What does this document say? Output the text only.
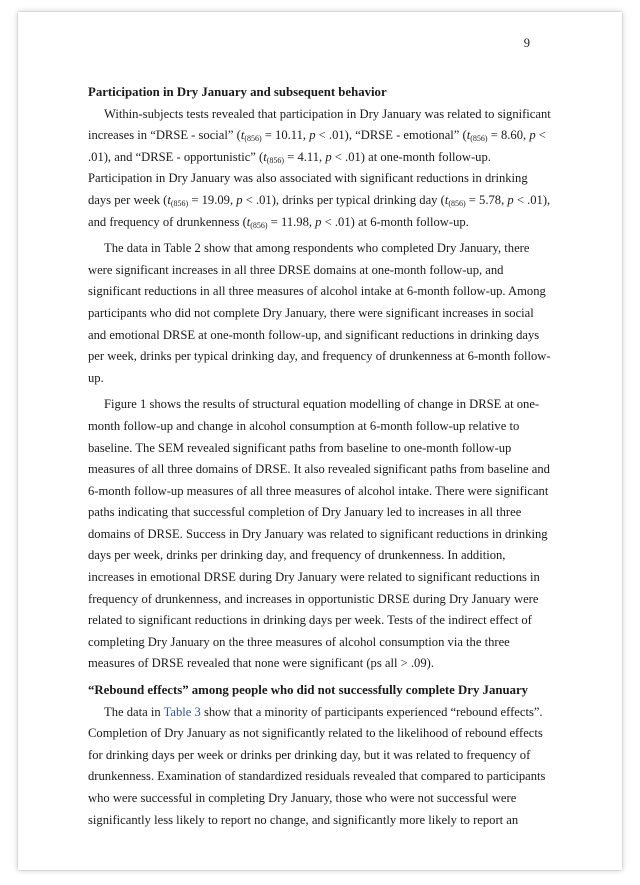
9
Participation in Dry January and subsequent behavior

Within-subjects tests revealed that participation in Dry January was related to significant increases in “DRSE - social” ($t_{(856)} = 10.11$, p < .01), “DRSE - emotional” ($t_{(856)} = 8.60$, p < .01), and “DRSE - opportunistic” ($t_{(856)} = 4.11$, p < .01) at one-month follow-up. Participation in Dry January was also associated with significant reductions in drinking days per week ($t_{(856)} = 19.09$, p < .01), drinks per typical drinking day ($t_{(856)} = 5.78$, p < .01), and frequency of drunkenness ($t_{(856)} = 11.98$, p < .01) at 6-month follow-up.

The data in Table 2 show that among respondents who completed Dry January, there were significant increases in all three DRSE domains at one-month follow-up, and significant reductions in all three measures of alcohol intake at 6-month follow-up. Among participants who did not complete Dry January, there were significant increases in social and emotional DRSE at one-month follow-up, and significant reductions in drinking days per week, drinks per typical drinking day, and frequency of drunkenness at 6-month follow-up.

Figure 1 shows the results of structural equation modelling of change in DRSE at one-month follow-up and change in alcohol consumption at 6-month follow-up relative to baseline. The SEM revealed significant paths from baseline to one-month follow-up measures of all three domains of DRSE. It also revealed significant paths from baseline and 6-month follow-up measures of all three measures of alcohol intake. There were significant paths indicating that successful completion of Dry January led to increases in all three domains of DRSE. Success in Dry January was related to significant reductions in drinking days per week, drinks per drinking day, and frequency of drunkenness. In addition, increases in emotional DRSE during Dry January were related to significant reductions in frequency of drunkenness, and increases in opportunistic DRSE during Dry January were related to significant reductions in drinking days per week. Tests of the indirect effect of completing Dry January on the three measures of alcohol consumption via the three measures of DRSE revealed that none were significant (ps all > .09).

“Rebound effects” among people who did not successfully complete Dry January

The data in Table 3 show that a minority of participants experienced “rebound effects”. Completion of Dry January as not significantly related to the likelihood of rebound effects for drinking days per week or drinks per drinking day, but it was related to frequency of drunkenness. Examination of standardized residuals revealed that compared to participants who were successful in completing Dry January, those who were not successful were significantly less likely to report no change, and significantly more likely to report an
